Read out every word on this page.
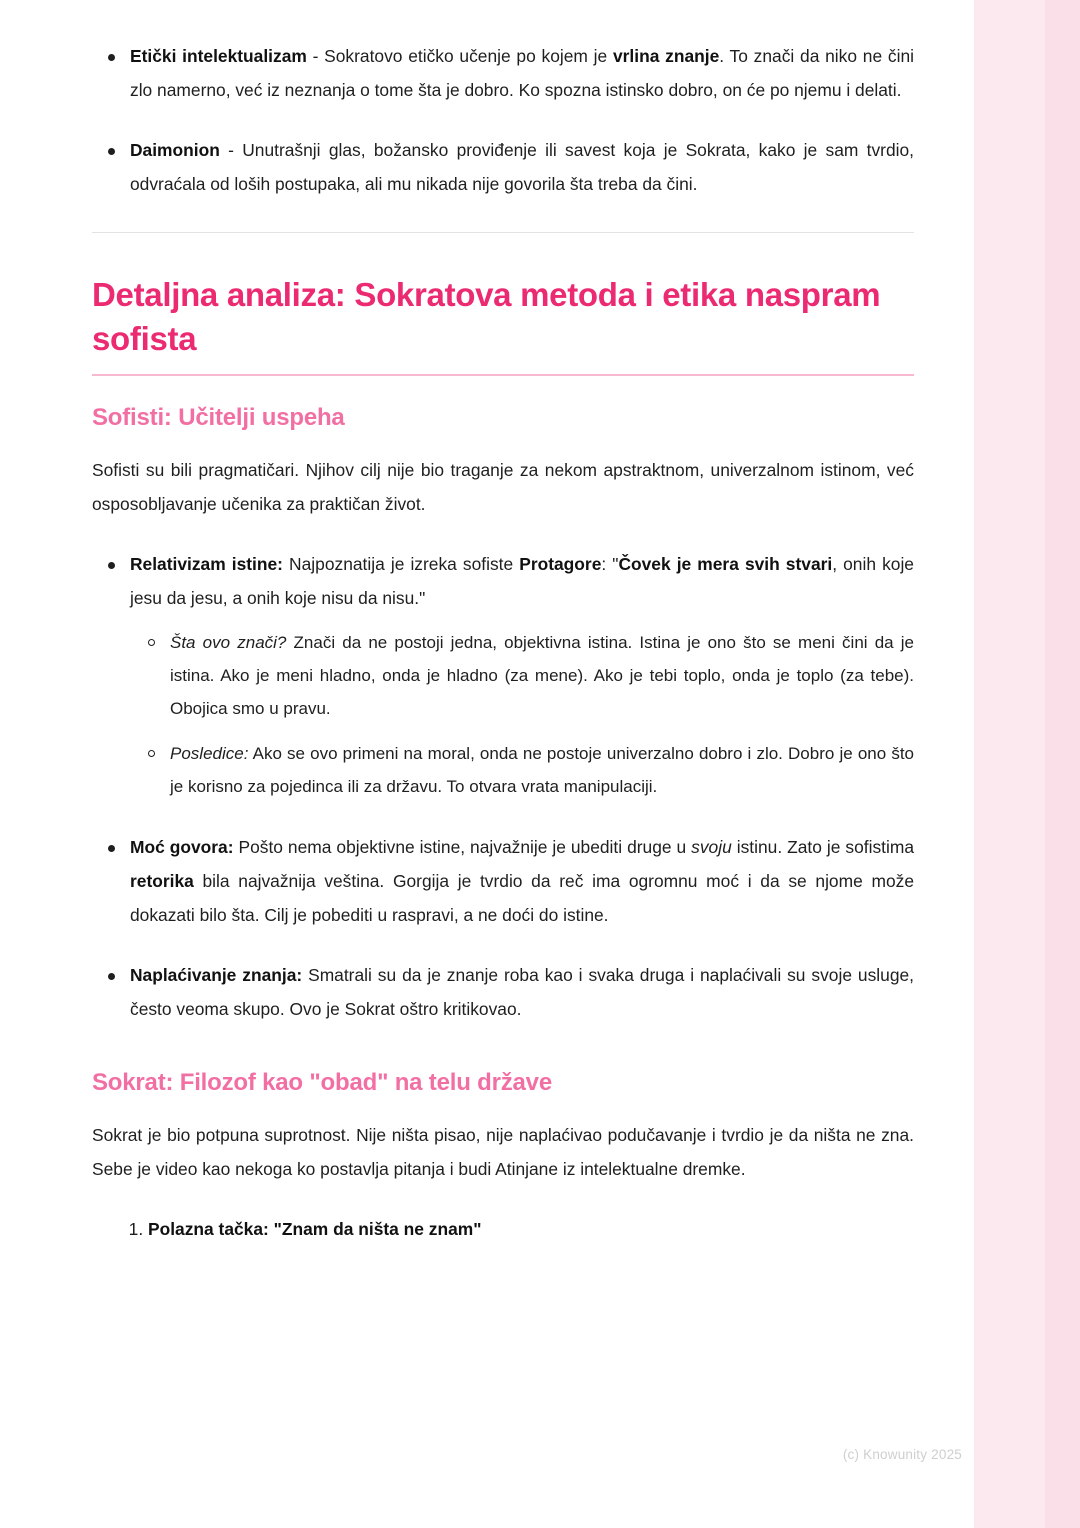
Etički intelektualizam - Sokratovo etičko učenje po kojem je vrlina znanje. To znači da niko ne čini zlo namerno, već iz neznanja o tome šta je dobro. Ko spozna istinsko dobro, on će po njemu i delati.
Daimonion - Unutrašnji glas, božansko proviđenje ili savest koja je Sokrata, kako je sam tvrdio, odvraćala od loših postupaka, ali mu nikada nije govorila šta treba da čini.
Detaljna analiza: Sokratova metoda i etika naspram sofista
Sofisti: Učitelji uspeha

Sofisti su bili pragmatičari. Njihov cilj nije bio traganje za nekom apstraktnom, univerzalnom istinom, već osposobljavanje učenika za praktičan život.

Relativizam istine: Najpoznatija je izreka sofiste Protagore: "Čovek je mera svih stvari, onih koje jesu da jesu, a onih koje nisu da nisu."
Šta ovo znači? Znači da ne postoji jedna, objektivna istina. Istina je ono što se meni čini da je istina. Ako je meni hladno, onda je hladno (za mene). Ako je tebi toplo, onda je toplo (za tebe). Obojica smo u pravu.
Posledice: Ako se ovo primeni na moral, onda ne postoje univerzalno dobro i zlo. Dobro je ono što je korisno za pojedinca ili za državu. To otvara vrata manipulaciji.
Moć govora: Pošto nema objektivne istine, najvažnije je ubediti druge u svoju istinu. Zato je sofistima retorika bila najvažnija veština. Gorgija je tvrdio da reč ima ogromnu moć i da se njome može dokazati bilo šta. Cilj je pobediti u raspravi, a ne doći do istine.
Naplaćivanje znanja: Smatrali su da je znanje roba kao i svaka druga i naplaćivali su svoje usluge, često veoma skupo. Ovo je Sokrat oštro kritikovao.
Sokrat: Filozof kao "obad" na telu države

Sokrat je bio potpuna suprotnost. Nije ništa pisao, nije naplaćivao podučavanje i tvrdio je da ništa ne zna. Sebe je video kao nekoga ko postavlja pitanja i budi Atinjane iz intelektualne dremke.

1. Polazna tačka: "Znam da ništa ne znam"
(c) Knowunity 2025
